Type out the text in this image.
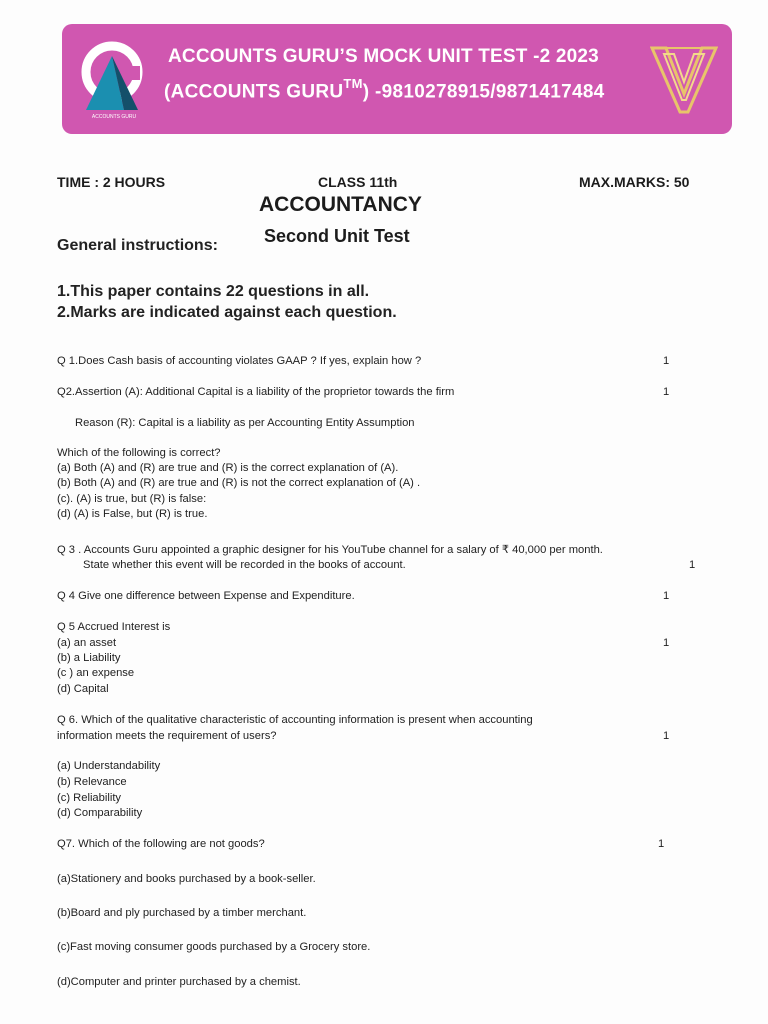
ACCOUNTS GURU
ACCOUNTS GURU’S MOCK UNIT TEST -2 2023
(ACCOUNTS GURU™) -9810278915/9871417484
TIME : 2 HOURS	CLASS 11th	MAX.MARKS: 50
ACCOUNTANCY
Second Unit Test
General instructions:
1.This paper contains 22 questions in all.
2.Marks are indicated against each question.
Q 1.Does Cash basis of accounting violates GAAP ? If yes, explain how ?	1
Q2.Assertion (A): Additional Capital is a liability of the proprietor towards the firm	1
Reason (R): Capital is a liability as per Accounting Entity Assumption
Which of the following is correct?
(a) Both (A) and (R) are true and (R) is the correct explanation of (A).
(b) Both (A) and (R) are true and (R) is not the correct explanation of (A) .
(c). (A) is true, but (R) is false:
(d) (A) is False, but (R) is true.
Q 3 . Accounts Guru appointed a graphic designer for his YouTube channel for a salary of ₹ 40,000 per month.
State whether this event will be recorded in the books of account.	1
Q 4 Give one difference between Expense and Expenditure.	1
Q 5 Accrued Interest is
(a) an asset	1
(b) a Liability
(c ) an expense
(d) Capital
Q 6. Which of the qualitative characteristic of accounting information is present when accounting
information meets the requirement of users?	1
(a) Understandability
(b) Relevance
(c) Reliability
(d) Comparability
Q7. Which of the following are not goods?	1
(a)Stationery and books purchased by a book-seller.
(b)Board and ply purchased by a timber merchant.
(c)Fast moving consumer goods purchased by a Grocery store.
(d)Computer and printer purchased by a chemist.
